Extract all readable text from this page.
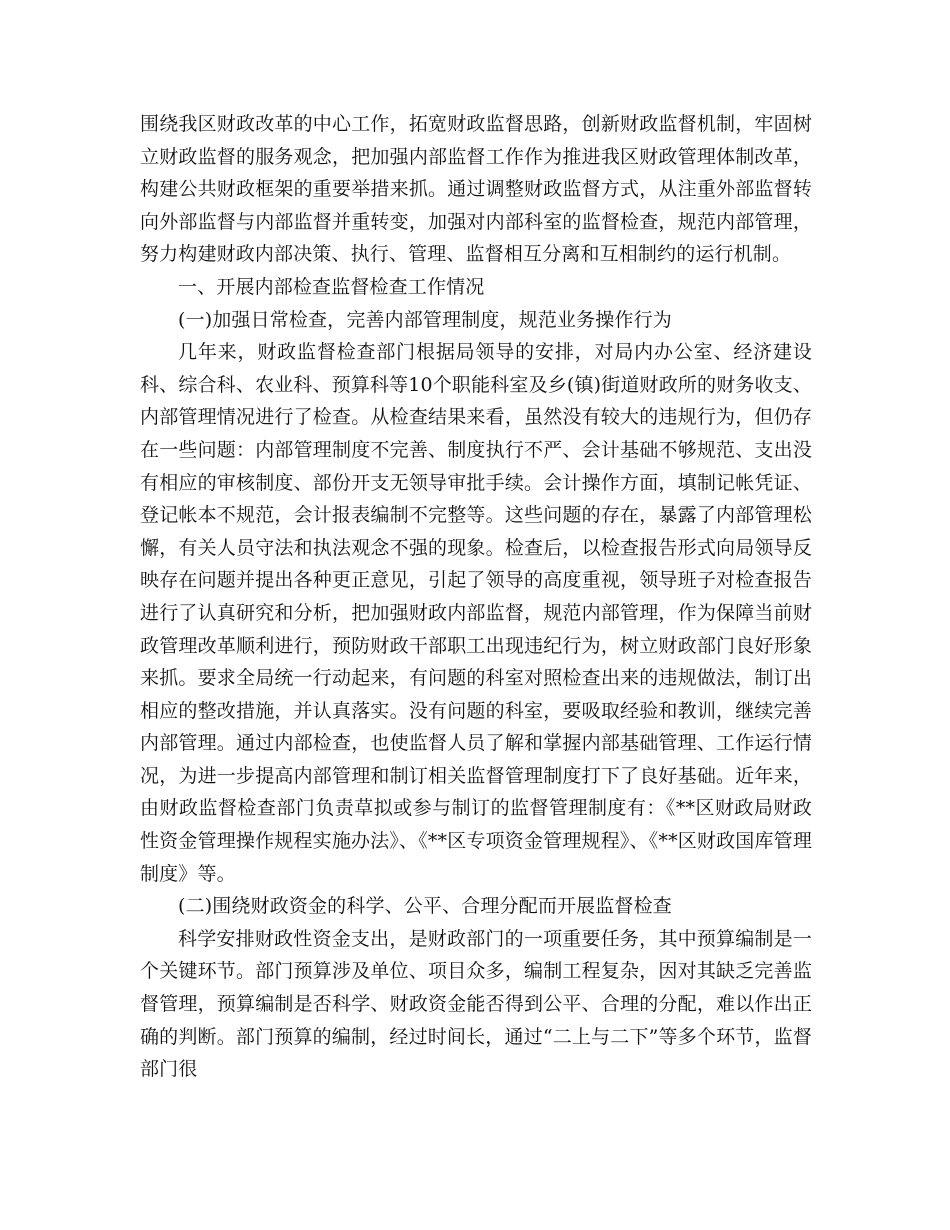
围绕我区财政改革的中心工作，拓宽财政监督思路，创新财政监督机制，牢固树立财政监督的服务观念，把加强内部监督工作作为推进我区财政管理体制改革，构建公共财政框架的重要举措来抓。通过调整财政监督方式，从注重外部监督转向外部监督与内部监督并重转变，加强对内部科室的监督检查，规范内部管理，努力构建财政内部决策、执行、管理、监督相互分离和互相制约的运行机制。

一、开展内部检查监督检查工作情况

(一)加强日常检查，完善内部管理制度，规范业务操作行为

几年来，财政监督检查部门根据局领导的安排，对局内办公室、经济建设科、综合科、农业科、预算科等10个职能科室及乡(镇)街道财政所的财务收支、内部管理情况进行了检查。从检查结果来看，虽然没有较大的违规行为，但仍存在一些问题：内部管理制度不完善、制度执行不严、会计基础不够规范、支出没有相应的审核制度、部份开支无领导审批手续。会计操作方面，填制记帐凭证、登记帐本不规范，会计报表编制不完整等。这些问题的存在，暴露了内部管理松懈，有关人员守法和执法观念不强的现象。检查后，以检查报告形式向局领导反映存在问题并提出各种更正意见，引起了领导的高度重视，领导班子对检查报告进行了认真研究和分析，把加强财政内部监督，规范内部管理，作为保障当前财政管理改革顺利进行，预防财政干部职工出现违纪行为，树立财政部门良好形象来抓。要求全局统一行动起来，有问题的科室对照检查出来的违规做法，制订出相应的整改措施，并认真落实。没有问题的科室，要吸取经验和教训，继续完善内部管理。通过内部检查，也使监督人员了解和掌握内部基础管理、工作运行情况，为进一步提高内部管理和制订相关监督管理制度打下了良好基础。近年来，由财政监督检查部门负责草拟或参与制订的监督管理制度有：《**区财政局财政性资金管理操作规程实施办法》、《**区专项资金管理规程》、《**区财政国库管理制度》等。

(二)围绕财政资金的科学、公平、合理分配而开展监督检查

科学安排财政性资金支出，是财政部门的一项重要任务，其中预算编制是一个关键环节。部门预算涉及单位、项目众多，编制工程复杂，因对其缺乏完善监督管理，预算编制是否科学、财政资金能否得到公平、合理的分配，难以作出正确的判断。部门预算的编制，经过时间长，通过“二上与二下”等多个环节，监督部门很
